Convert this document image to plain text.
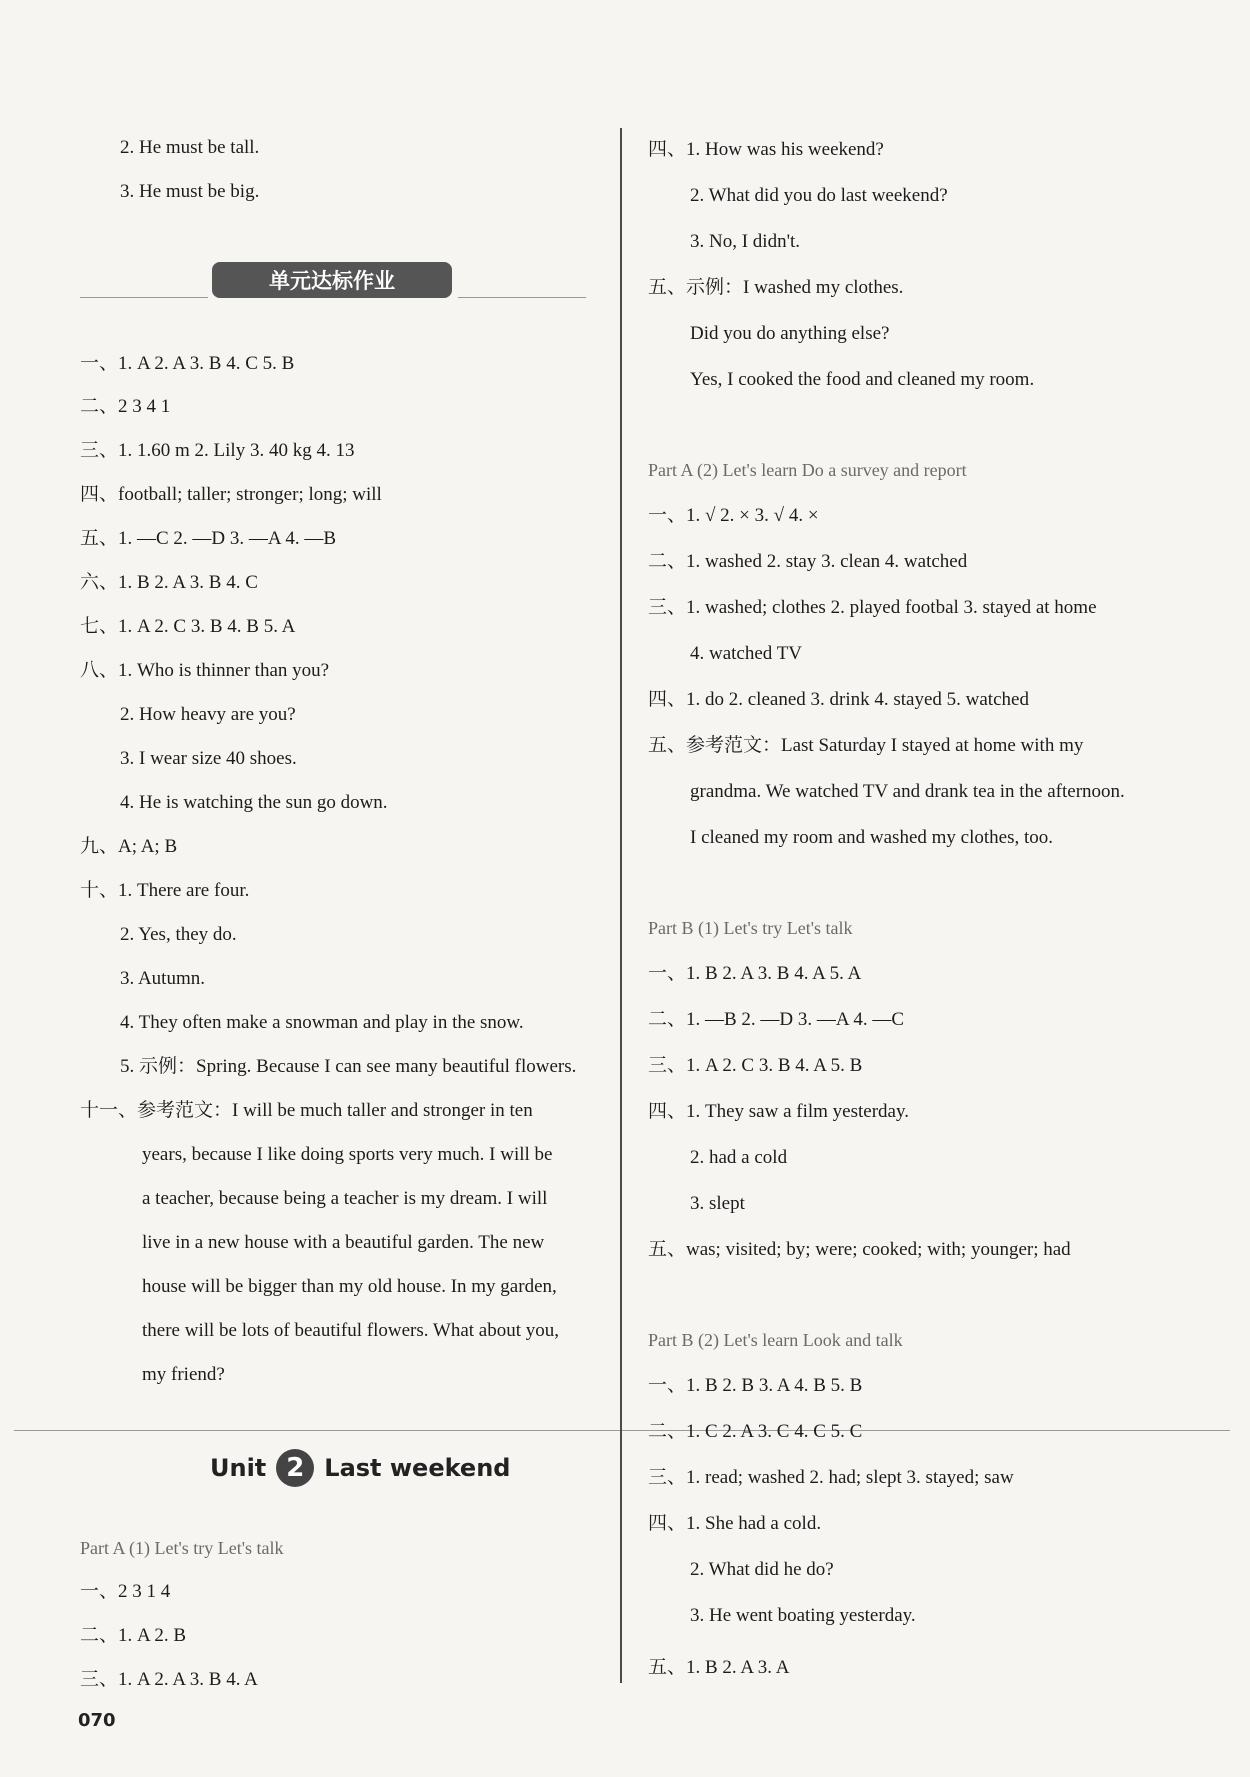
2. He must be tall.
3. He must be big.
单元达标作业
一、1. A 2. A 3. B 4. C 5. B
二、2 3 4 1
三、1. 1.60 m 2. Lily 3. 40 kg 4. 13
四、football; taller; stronger; long; will
五、1. —C 2. —D 3. —A 4. —B
六、1. B 2. A 3. B 4. C
七、1. A 2. C 3. B 4. B 5. A
八、1. Who is thinner than you?
2. How heavy are you?
3. I wear size 40 shoes.
4. He is watching the sun go down.
九、A; A; B
十、1. There are four.
2. Yes, they do.
3. Autumn.
4. They often make a snowman and play in the snow.
5. 示例：Spring. Because I can see many beautiful flowers.
十一、参考范文：I will be much taller and stronger in ten
years, because I like doing sports very much. I will be
a teacher, because being a teacher is my dream. I will
live in a new house with a beautiful garden. The new
house will be bigger than my old house. In my garden,
there will be lots of beautiful flowers. What about you,
my friend?
Unit 2 Last weekend
Part A (1) Let's try Let's talk
一、2 3 1 4
二、1. A 2. B
三、1. A 2. A 3. B 4. A
070
四、1. How was his weekend?
2. What did you do last weekend?
3. No, I didn't.
五、示例：I washed my clothes.
Did you do anything else?
Yes, I cooked the food and cleaned my room.
Part A (2) Let's learn Do a survey and report
一、1. √ 2. × 3. √ 4. ×
二、1. washed 2. stay 3. clean 4. watched
三、1. washed; clothes 2. played footbal 3. stayed at home
4. watched TV
四、1. do 2. cleaned 3. drink 4. stayed 5. watched
五、参考范文：Last Saturday I stayed at home with my
grandma. We watched TV and drank tea in the afternoon.
I cleaned my room and washed my clothes, too.
Part B (1) Let's try Let's talk
一、1. B 2. A 3. B 4. A 5. A
二、1. —B 2. —D 3. —A 4. —C
三、1. A 2. C 3. B 4. A 5. B
四、1. They saw a film yesterday.
2. had a cold
3. slept
五、was; visited; by; were; cooked; with; younger; had
Part B (2) Let's learn Look and talk
一、1. B 2. B 3. A 4. B 5. B
二、1. C 2. A 3. C 4. C 5. C
三、1. read; washed 2. had; slept 3. stayed; saw
四、1. She had a cold.
2. What did he do?
3. He went boating yesterday.
五、1. B 2. A 3. A
